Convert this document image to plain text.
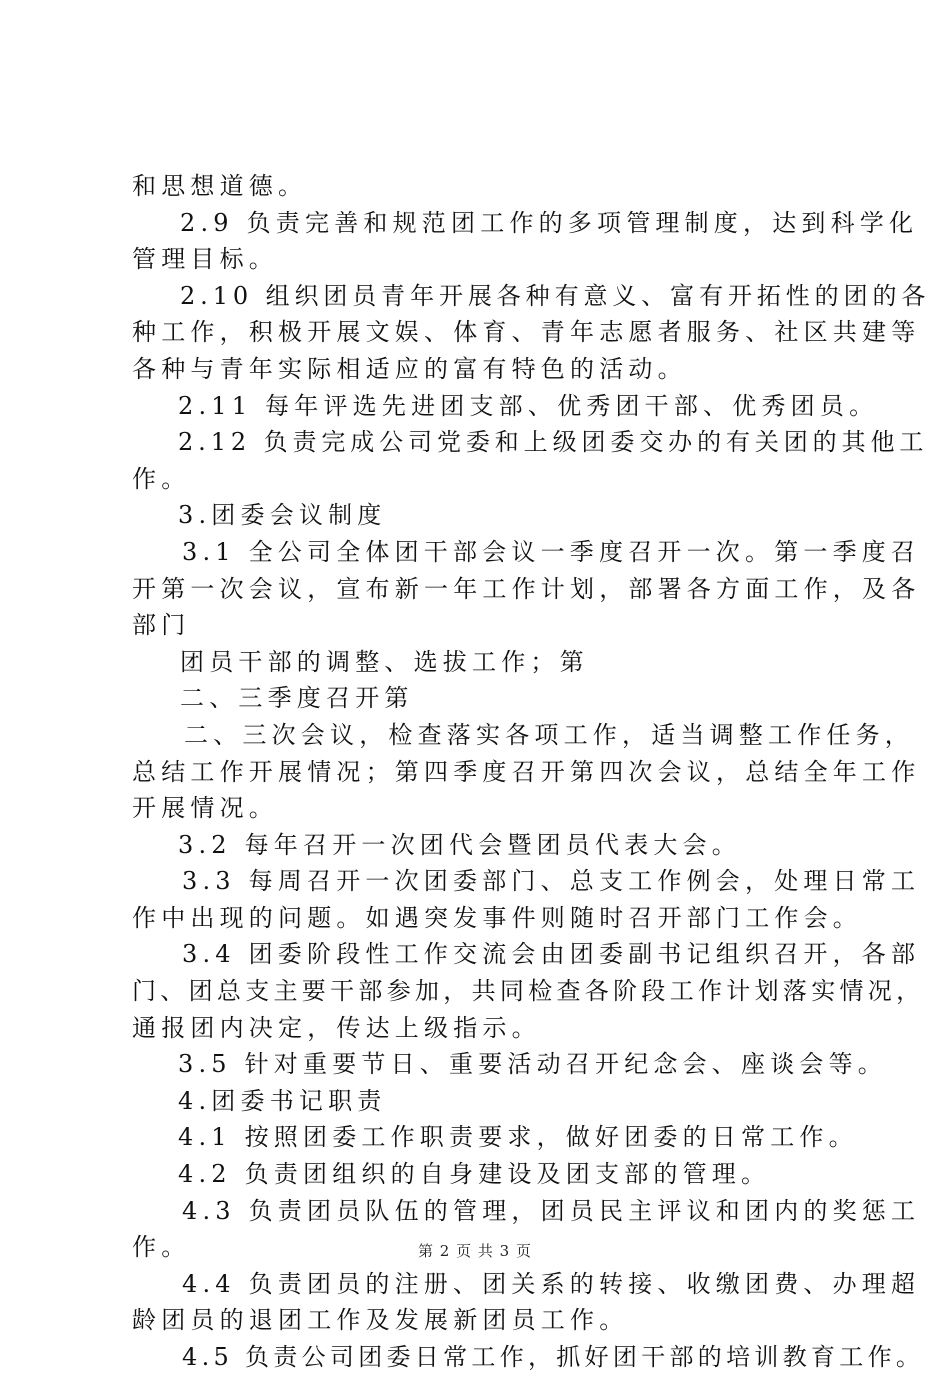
和思想道德。
2.9 负责完善和规范团工作的多项管理制度，达到科学化
管理目标。
2.10 组织团员青年开展各种有意义、富有开拓性的团的各
种工作，积极开展文娱、体育、青年志愿者服务、社区共建等
各种与青年实际相适应的富有特色的活动。
2.11 每年评选先进团支部、优秀团干部、优秀团员。
2.12 负责完成公司党委和上级团委交办的有关团的其他工
作。
3.团委会议制度
3.1 全公司全体团干部会议一季度召开一次。第一季度召
开第一次会议，宣布新一年工作计划，部署各方面工作，及各
部门
团员干部的调整、选拔工作；第
二、三季度召开第
二、三次会议，检查落实各项工作，适当调整工作任务，
总结工作开展情况；第四季度召开第四次会议，总结全年工作
开展情况。
3.2 每年召开一次团代会暨团员代表大会。
3.3 每周召开一次团委部门、总支工作例会，处理日常工
作中出现的问题。如遇突发事件则随时召开部门工作会。
3.4 团委阶段性工作交流会由团委副书记组织召开，各部
门、团总支主要干部参加，共同检查各阶段工作计划落实情况，
通报团内决定，传达上级指示。
3.5 针对重要节日、重要活动召开纪念会、座谈会等。
4.团委书记职责
4.1 按照团委工作职责要求，做好团委的日常工作。
4.2 负责团组织的自身建设及团支部的管理。
4.3 负责团员队伍的管理，团员民主评议和团内的奖惩工
作。
4.4 负责团员的注册、团关系的转接、收缴团费、办理超
龄团员的退团工作及发展新团员工作。
4.5 负责公司团委日常工作，抓好团干部的培训教育工作。
第 2 页 共 3 页
